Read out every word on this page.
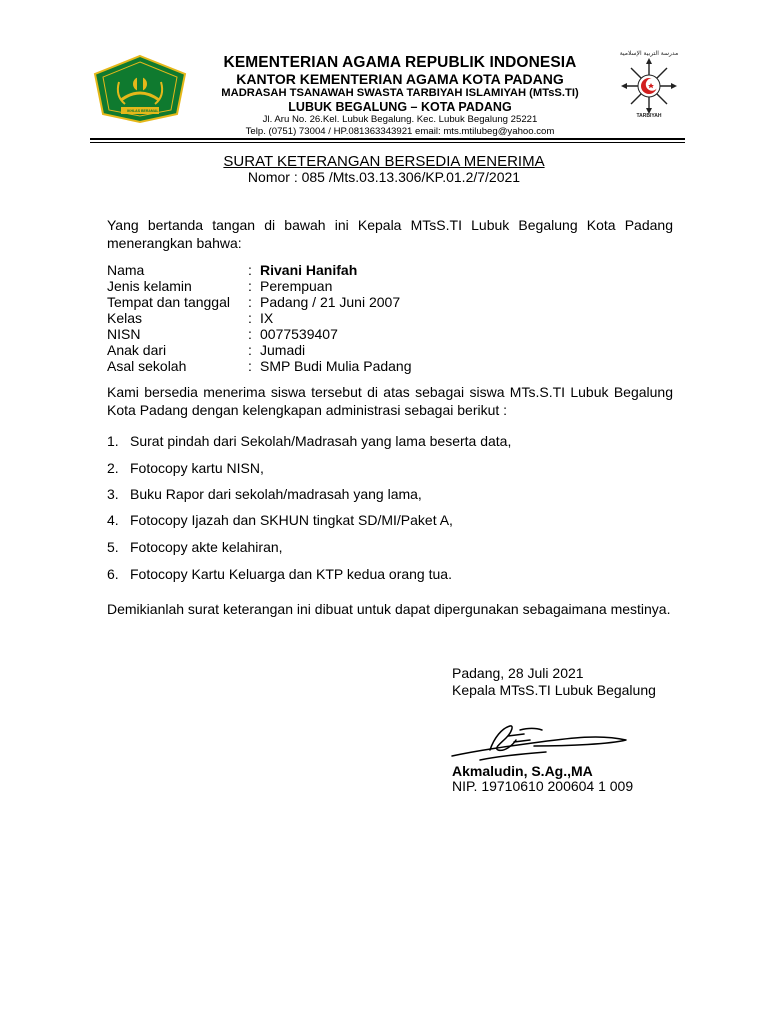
IKHLAS BERAMAL
KEMENTERIAN AGAMA REPUBLIK INDONESIA
KANTOR KEMENTERIAN AGAMA KOTA PADANG
MADRASAH TSANAWAH SWASTA TARBIYAH ISLAMIYAH (MTsS.TI)
LUBUK BEGALUNG – KOTA PADANG
Jl. Aru No. 26.Kel. Lubuk Begalung. Kec. Lubuk Begalung 25221
Telp. (0751) 73004 / HP.081363343921 email: mts.mtilubeg@yahoo.com
مدرسة التربية الإسلامية
TARBIYAH
SURAT KETERANGAN BERSEDIA MENERIMA
Nomor : 085 /Mts.03.13.306/KP.01.2/7/2021
Yang bertanda tangan di bawah ini Kepala MTsS.TI Lubuk Begalung Kota Padang menerangkan bahwa:
Nama	: Rivani Hanifah
Jenis kelamin	: Perempuan
Tempat dan tanggal : Padang / 21 Juni 2007
Kelas	: IX
NISN	: 0077539407
Anak dari	: Jumadi
Asal sekolah	: SMP Budi Mulia Padang
Kami bersedia menerima siswa tersebut di atas sebagai siswa MTs.S.TI Lubuk Begalung Kota Padang dengan kelengkapan administrasi sebagai berikut :
1. Surat pindah dari Sekolah/Madrasah yang lama beserta data,
2. Fotocopy kartu NISN,
3. Buku Rapor dari sekolah/madrasah yang lama,
4. Fotocopy Ijazah dan SKHUN tingkat SD/MI/Paket A,
5. Fotocopy akte kelahiran,
6. Fotocopy Kartu Keluarga dan KTP kedua orang tua.
Demikianlah surat keterangan ini dibuat untuk dapat dipergunakan sebagaimana mestinya.
Padang, 28 Juli 2021
Kepala MTsS.TI Lubuk Begalung
Akmaludin, S.Ag.,MA
NIP. 19710610 200604 1 009
